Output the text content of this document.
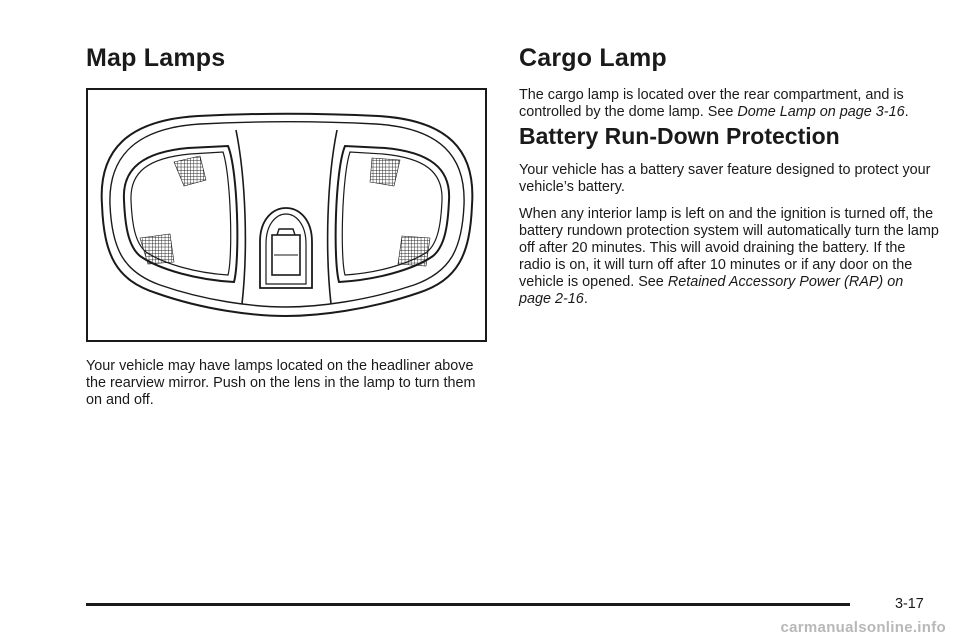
Map Lamps

Your vehicle may have lamps located on the headliner above the rearview mirror. Push on the lens in the lamp to turn them on and off.

Cargo Lamp

The cargo lamp is located over the rear compartment, and is controlled by the dome lamp. See Dome Lamp on page 3-16.

Battery Run-Down Protection

Your vehicle has a battery saver feature designed to protect your vehicle’s battery.

When any interior lamp is left on and the ignition is turned off, the battery rundown protection system will automatically turn the lamp off after 20 minutes. This will avoid draining the battery. If the radio is on, it will turn off after 10 minutes or if any door on the vehicle is opened. See Retained Accessory Power (RAP) on page 2-16.

3-17
carmanualsonline.info
